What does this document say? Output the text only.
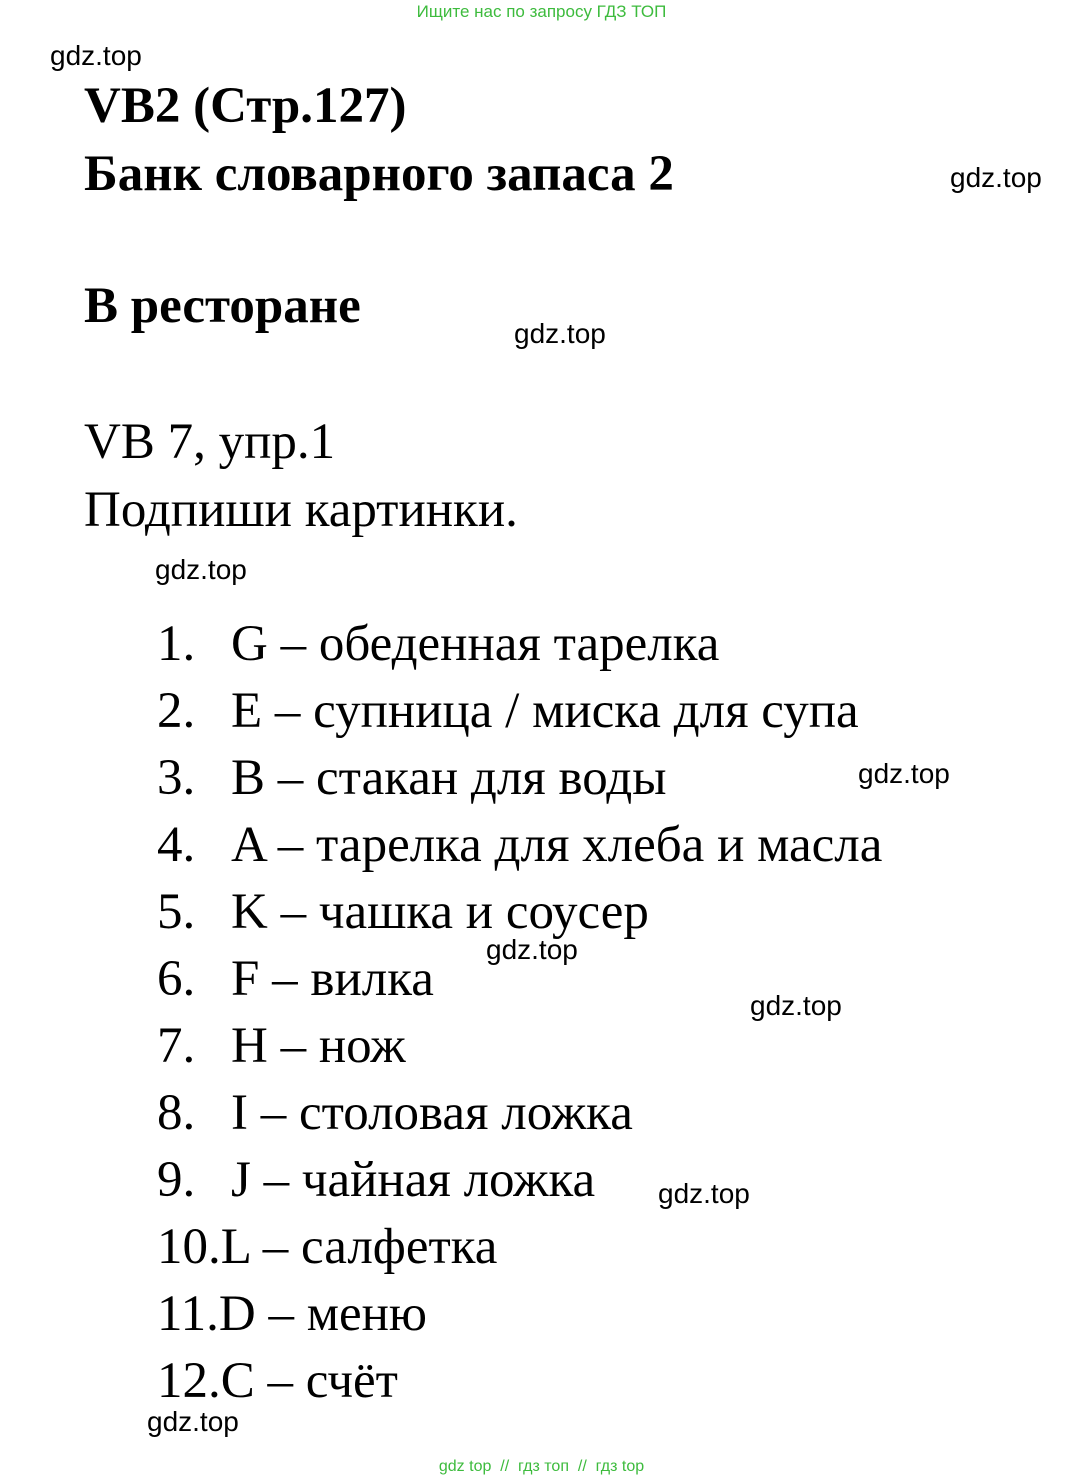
Ищите нас по запросу ГДЗ ТОП
gdz.top
gdz.top
gdz.top
gdz.top
gdz.top
gdz.top
gdz.top
gdz.top
gdz.top
VB2 (Стр.127)
Банк словарного запаса 2
В ресторане
VB 7, упр.1
Подпиши картинки.
1. G – обеденная тарелка
2. E – супница / миска для супа
3. B – стакан для воды
4. A – тарелка для хлеба и масла
5. K – чашка и соусер
6. F – вилка
7. H – нож
8. I – столовая ложка
9. J – чайная ложка
10.L – салфетка
11.D – меню
12.C – счёт
gdz top  //  гдз топ  //  гдз top
